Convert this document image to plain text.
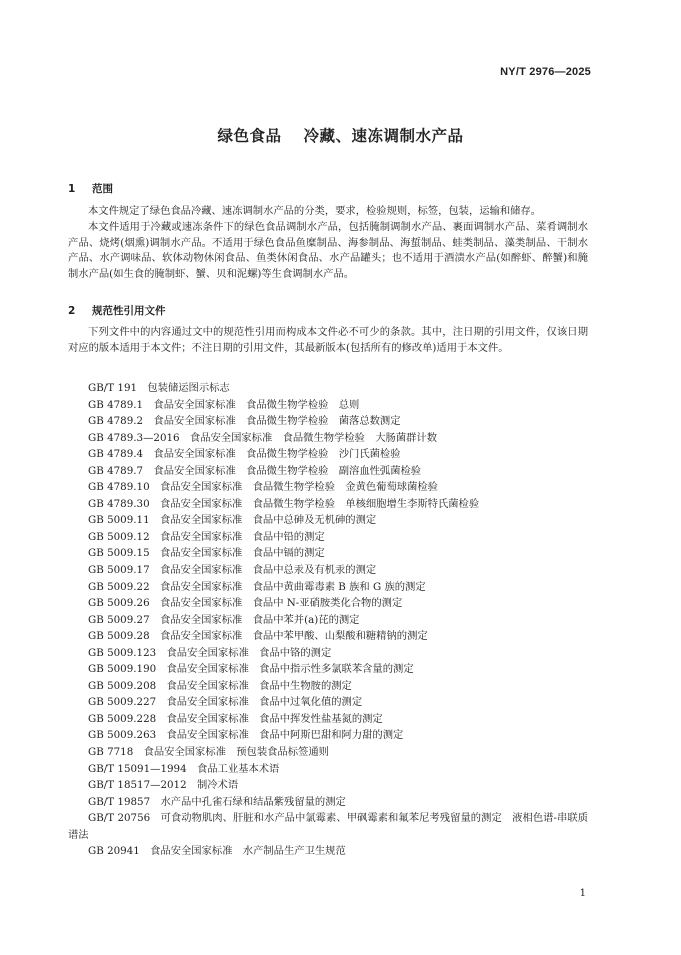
NY/T 2976—2025
绿色食品 冷藏、速冻调制水产品
1 范围

本文件规定了绿色食品冷藏、速冻调制水产品的分类，要求，检验规则，标签，包装，运输和储存。

本文件适用于冷藏或速冻条件下的绿色食品调制水产品，包括腌制调制水产品、裹面调制水产品、菜肴调制水产品、烧烤(烟熏)调制水产品。不适用于绿色食品鱼糜制品、海参制品、海蜇制品、蛙类制品、藻类制品、干制水产品、水产调味品、软体动物休闲食品、鱼类休闲食品、水产品罐头；也不适用于酒渍水产品(如醉虾、醉蟹)和腌制水产品(如生食的腌制虾、蟹、贝和泥螺)等生食调制水产品。

2 规范性引用文件

下列文件中的内容通过文中的规范性引用而构成本文件必不可少的条款。其中，注日期的引用文件，仅该日期对应的版本适用于本文件；不注日期的引用文件，其最新版本(包括所有的修改单)适用于本文件。

GB/T 191　包装储运图示标志
GB 4789.1　食品安全国家标准　食品微生物学检验　总则
GB 4789.2　食品安全国家标准　食品微生物学检验　菌落总数测定
GB 4789.3—2016　食品安全国家标准　食品微生物学检验　大肠菌群计数
GB 4789.4　食品安全国家标准　食品微生物学检验　沙门氏菌检验
GB 4789.7　食品安全国家标准　食品微生物学检验　副溶血性弧菌检验
GB 4789.10　食品安全国家标准　食品微生物学检验　金黄色葡萄球菌检验
GB 4789.30　食品安全国家标准　食品微生物学检验　单核细胞增生李斯特氏菌检验
GB 5009.11　食品安全国家标准　食品中总砷及无机砷的测定
GB 5009.12　食品安全国家标准　食品中铅的测定
GB 5009.15　食品安全国家标准　食品中镉的测定
GB 5009.17　食品安全国家标准　食品中总汞及有机汞的测定
GB 5009.22　食品安全国家标准　食品中黄曲霉毒素 B 族和 G 族的测定
GB 5009.26　食品安全国家标准　食品中 N-亚硝胺类化合物的测定
GB 5009.27　食品安全国家标准　食品中苯并(a)芘的测定
GB 5009.28　食品安全国家标准　食品中苯甲酸、山梨酸和糖精钠的测定
GB 5009.123　食品安全国家标准　食品中铬的测定
GB 5009.190　食品安全国家标准　食品中指示性多氯联苯含量的测定
GB 5009.208　食品安全国家标准　食品中生物胺的测定
GB 5009.227　食品安全国家标准　食品中过氧化值的测定
GB 5009.228　食品安全国家标准　食品中挥发性盐基氮的测定
GB 5009.263　食品安全国家标准　食品中阿斯巴甜和阿力甜的测定
GB 7718　食品安全国家标准　预包装食品标签通则
GB/T 15091—1994　食品工业基本术语
GB/T 18517—2012　制冷术语
GB/T 19857　水产品中孔雀石绿和结晶紫残留量的测定
GB/T 20756　可食动物肌肉、肝脏和水产品中氯霉素、甲砜霉素和氟苯尼考残留量的测定　液相色谱-串联质谱法
GB 20941　食品安全国家标准　水产制品生产卫生规范
1
